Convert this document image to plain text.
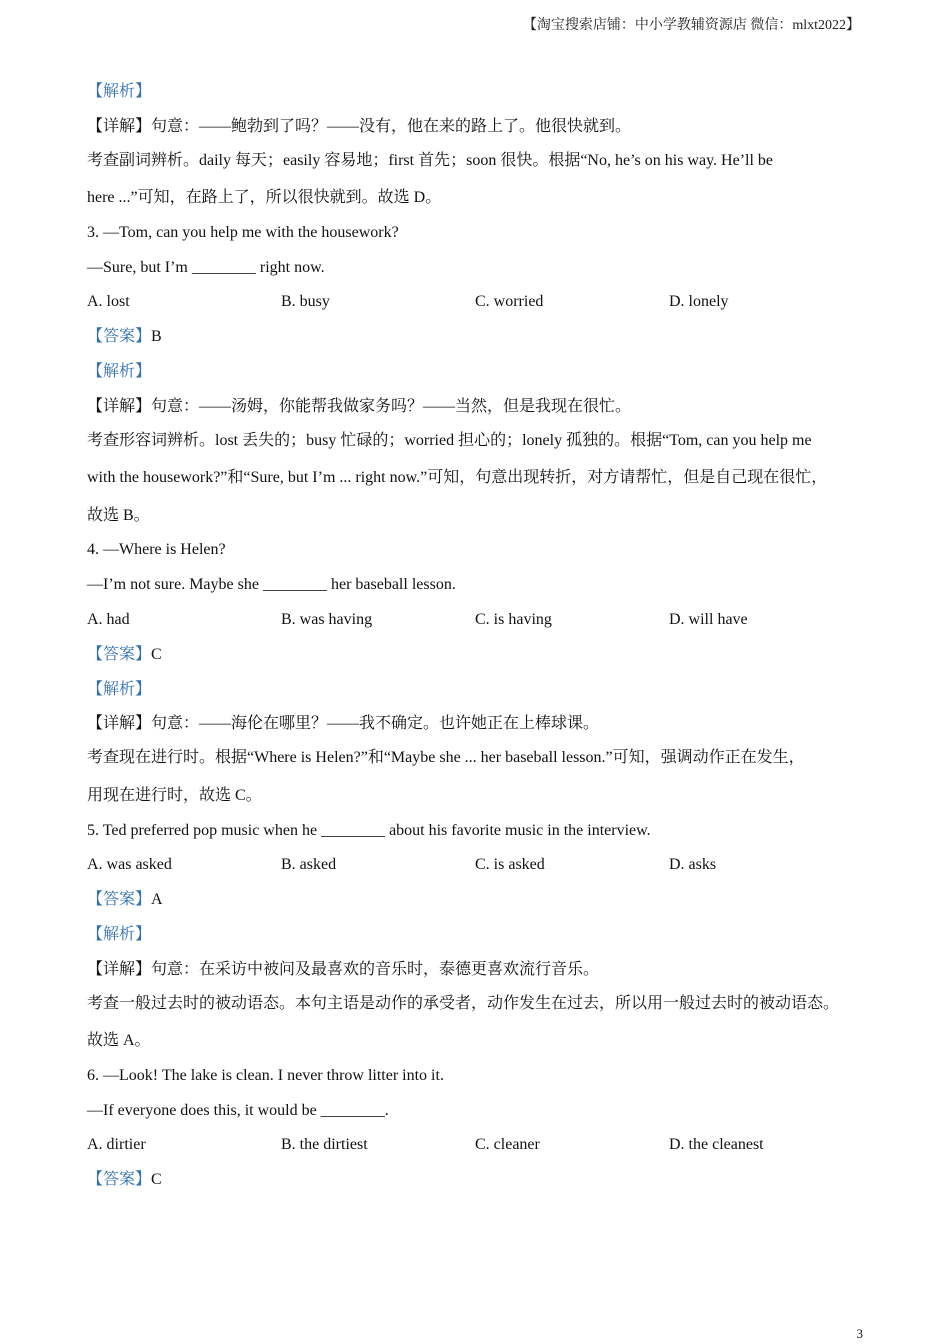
【淘宝搜索店铺：中小学教辅资源店 微信：mlxt2022】
【解析】
【详解】句意：——鲍勃到了吗？——没有，他在来的路上了。他很快就到。
考查副词辨析。daily 每天；easily 容易地；first 首先；soon 很快。根据“No, he’s on his way. He’ll be
here ...”可知，在路上了，所以很快就到。故选 D。
3. —Tom, can you help me with the housework?
—Sure, but I’m ________ right now.
A. lost	B. busy	C. worried	D. lonely
【答案】B
【解析】
【详解】句意：——汤姆，你能帮我做家务吗？——当然，但是我现在很忙。
考查形容词辨析。lost 丢失的；busy 忙碌的；worried 担心的；lonely 孤独的。根据“Tom, can you help me
with the housework?”和“Sure, but I’m ... right now.”可知，句意出现转折，对方请帮忙，但是自己现在很忙，
故选 B。
4. —Where is Helen?
—I’m not sure. Maybe she ________ her baseball lesson.
A. had	B. was having	C. is having	D. will have
【答案】C
【解析】
【详解】句意：——海伦在哪里？——我不确定。也许她正在上棒球课。
考查现在进行时。根据“Where is Helen?”和“Maybe she ... her baseball lesson.”可知，强调动作正在发生，
用现在进行时，故选 C。
5. Ted preferred pop music when he ________ about his favorite music in the interview.
A. was asked	B. asked	C. is asked	D. asks
【答案】A
【解析】
【详解】句意：在采访中被问及最喜欢的音乐时，泰德更喜欢流行音乐。
考查一般过去时的被动语态。本句主语是动作的承受者，动作发生在过去，所以用一般过去时的被动语态。
故选 A。
6. —Look! The lake is clean. I never throw litter into it.
—If everyone does this, it would be ________.
A. dirtier	B. the dirtiest	C. cleaner	D. the cleanest
【答案】C
3
